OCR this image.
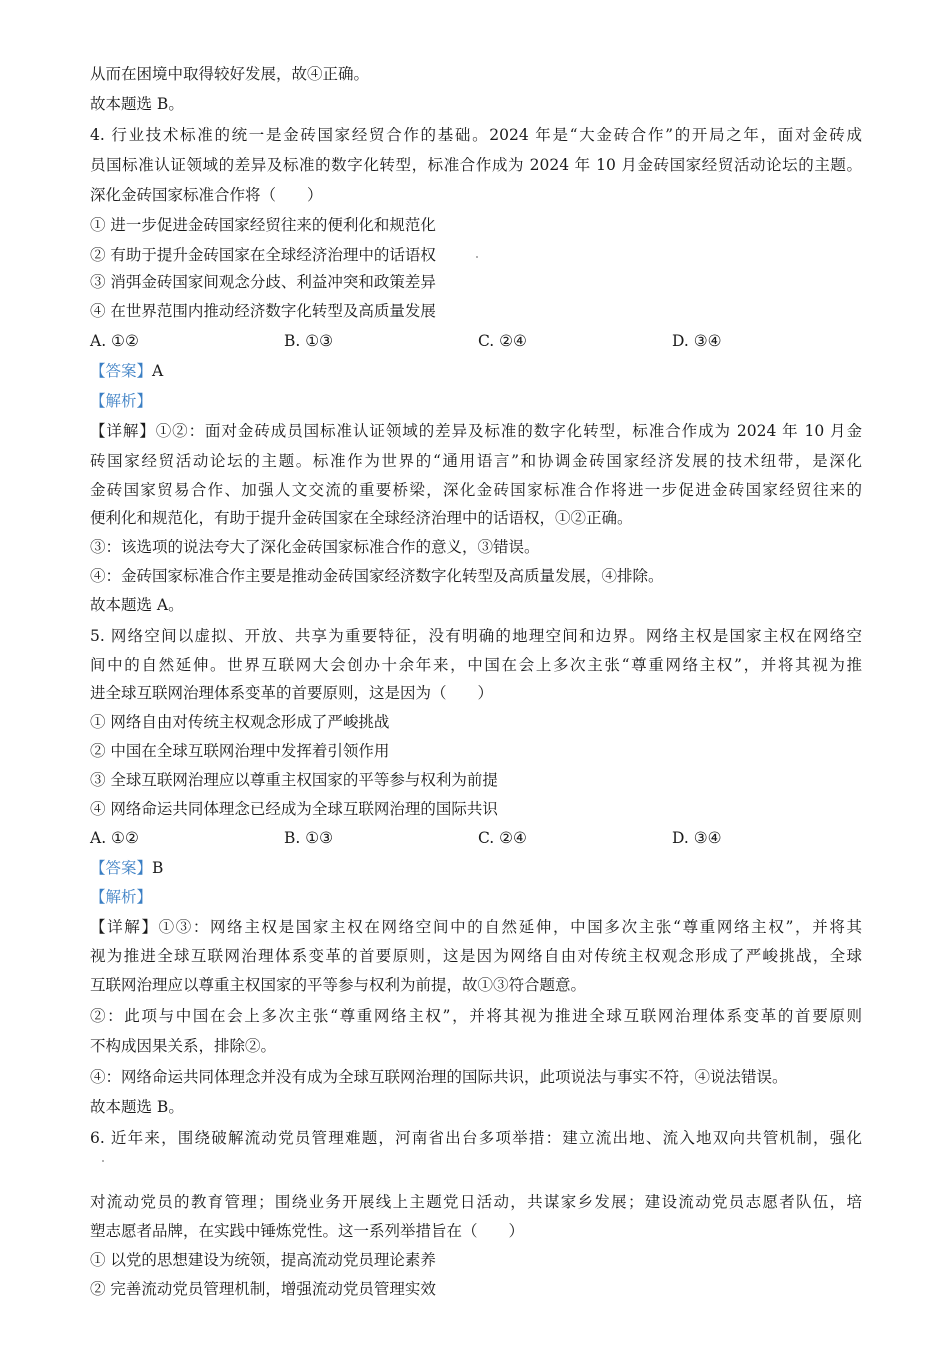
从而在困境中取得较好发展，故④正确。
故本题选 B。
4. 行业技术标准的统一是金砖国家经贸合作的基础。2024 年是“大金砖合作”的开局之年，面对金砖成
员国标准认证领域的差异及标准的数字化转型，标准合作成为 2024 年 10 月金砖国家经贸活动论坛的主题。
深化金砖国家标准合作将（　　）
① 进一步促进金砖国家经贸往来的便利化和规范化
② 有助于提升金砖国家在全球经济治理中的话语权
③ 消弭金砖国家间观念分歧、利益冲突和政策差异
④ 在世界范围内推动经济数字化转型及高质量发展
A. ①②	B. ①③	C. ②④	D. ③④
【答案】A
【解析】
【详解】①②：面对金砖成员国标准认证领域的差异及标准的数字化转型，标准合作成为 2024 年 10 月金
砖国家经贸活动论坛的主题。标准作为世界的“通用语言”和协调金砖国家经济发展的技术纽带，是深化
金砖国家贸易合作、加强人文交流的重要桥梁，深化金砖国家标准合作将进一步促进金砖国家经贸往来的
便利化和规范化，有助于提升金砖国家在全球经济治理中的话语权，①②正确。
③：该选项的说法夸大了深化金砖国家标准合作的意义，③错误。
④：金砖国家标准合作主要是推动金砖国家经济数字化转型及高质量发展，④排除。
故本题选 A。
5. 网络空间以虚拟、开放、共享为重要特征，没有明确的地理空间和边界。网络主权是国家主权在网络空
间中的自然延伸。世界互联网大会创办十余年来，中国在会上多次主张“尊重网络主权”，并将其视为推
进全球互联网治理体系变革的首要原则，这是因为（　　）
① 网络自由对传统主权观念形成了严峻挑战
② 中国在全球互联网治理中发挥着引领作用
③ 全球互联网治理应以尊重主权国家的平等参与权利为前提
④ 网络命运共同体理念已经成为全球互联网治理的国际共识
A. ①②	B. ①③	C. ②④	D. ③④
【答案】B
【解析】
【详解】①③：网络主权是国家主权在网络空间中的自然延伸，中国多次主张“尊重网络主权”，并将其
视为推进全球互联网治理体系变革的首要原则，这是因为网络自由对传统主权观念形成了严峻挑战，全球
互联网治理应以尊重主权国家的平等参与权利为前提，故①③符合题意。
②：此项与中国在会上多次主张“尊重网络主权”，并将其视为推进全球互联网治理体系变革的首要原则
不构成因果关系，排除②。
④：网络命运共同体理念并没有成为全球互联网治理的国际共识，此项说法与事实不符，④说法错误。
故本题选 B。
6. 近年来，围绕破解流动党员管理难题，河南省出台多项举措：建立流出地、流入地双向共管机制，强化
对流动党员的教育管理；围绕业务开展线上主题党日活动，共谋家乡发展；建设流动党员志愿者队伍，培
塑志愿者品牌，在实践中锤炼党性。这一系列举措旨在（　　）
① 以党的思想建设为统领，提高流动党员理论素养
② 完善流动党员管理机制，增强流动党员管理实效
